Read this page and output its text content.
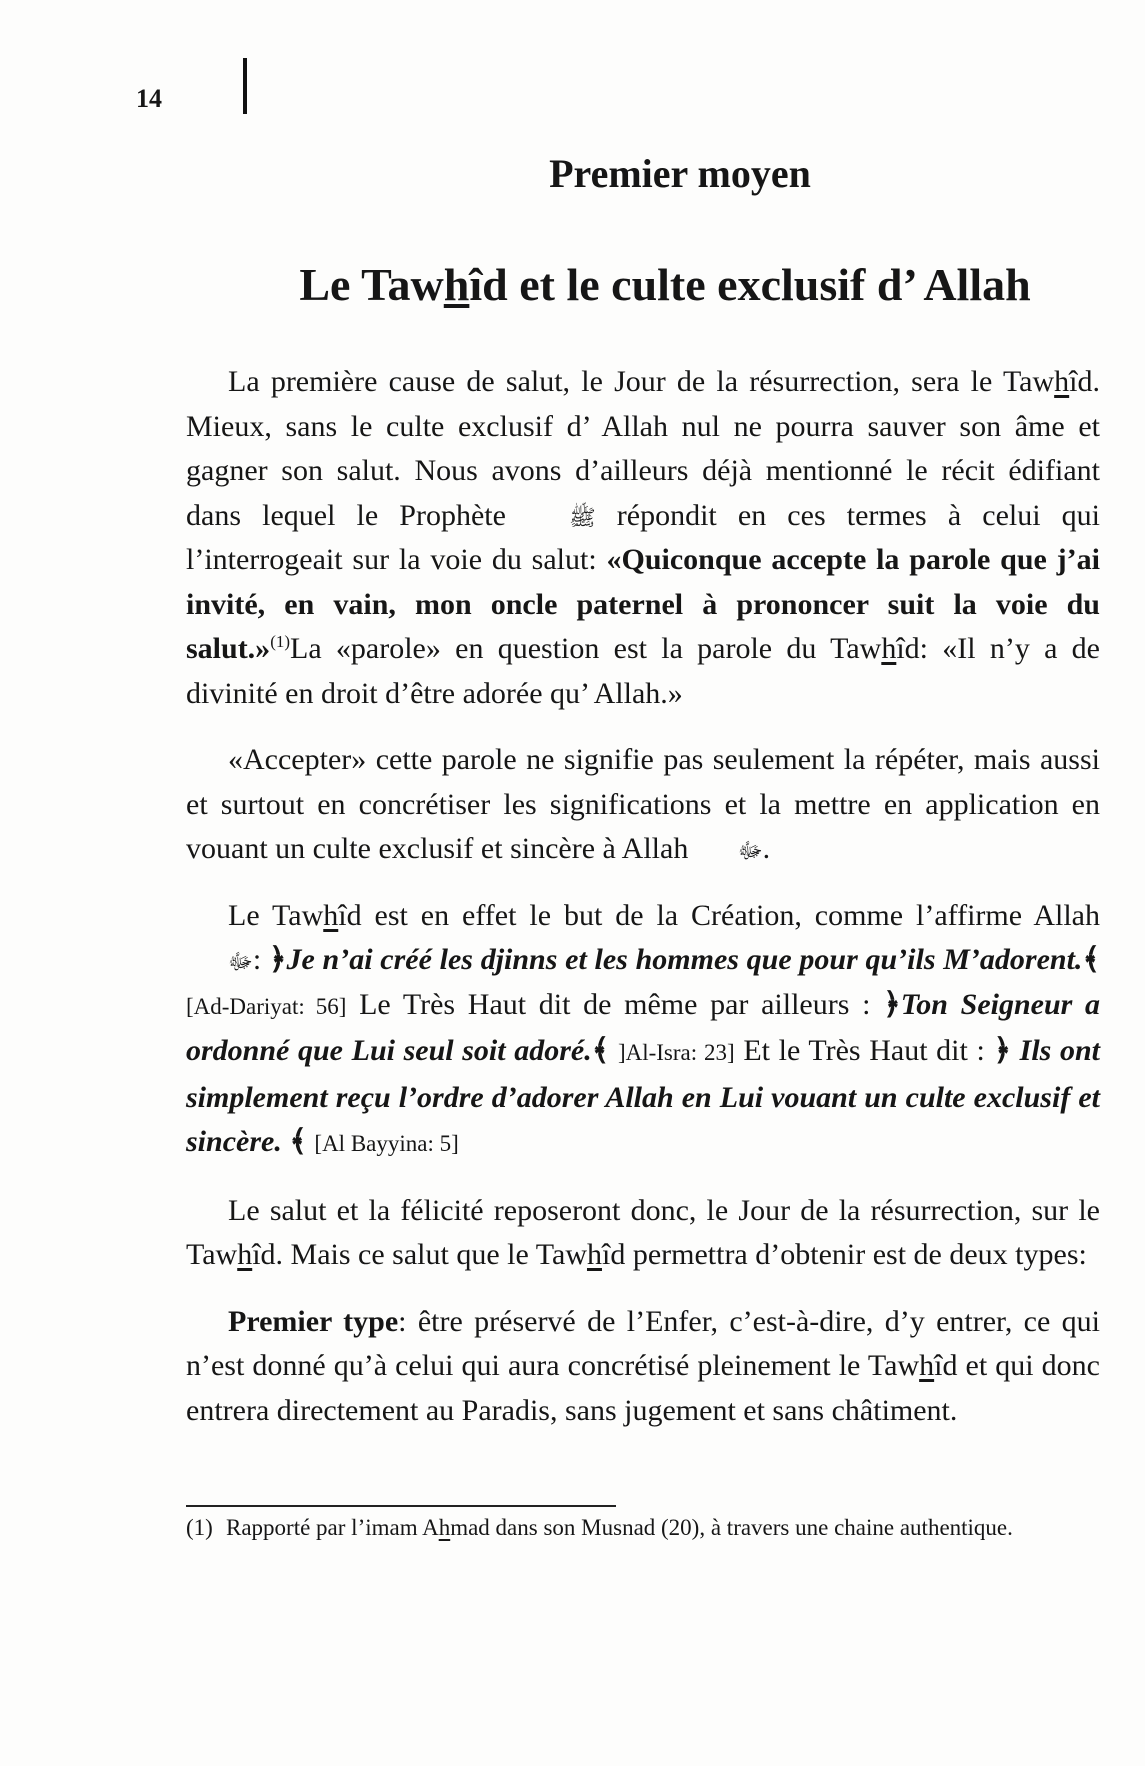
14
Premier moyen
Le Tawhîd et le culte exclusif d’ Allah

La première cause de salut, le Jour de la résurrection, sera le Tawhîd. Mieux, sans le culte exclusif d’ Allah nul ne pourra sauver son âme et gagner son salut. Nous avons d’ailleurs déjà mentionné le récit édifiant dans lequel le Prophète	ﷺ répondit en ces termes à celui qui l’interrogeait sur la voie du salut: «Quiconque accepte la parole que j’ai invité, en vain, mon oncle paternel à prononcer suit la voie du salut.»$^{(1)}$La «parole» en question est la parole du Tawhîd: «Il n’y a de divinité en droit d’être adorée qu’ Allah.»

«Accepter» cette parole ne signifie pas seulement la répéter, mais aussi et surtout en concrétiser les significations et la mettre en application en vouant un culte exclusif et sincère à Allah ﷻ.

Le Tawhîd est en effet le but de la Création, comme l’affirme Allah ﷻ: ﴿Je n’ai créé les djinns et les hommes que pour qu’ils M’adorent.﴾ [Ad-Dariyat: 56] Le Très Haut dit de même par ailleurs : ﴿Ton Seigneur a ordonné que Lui seul soit adoré.﴾ ]Al-Isra: 23] Et le Très Haut dit : ﴿ Ils ont simplement reçu l’ordre d’adorer Allah en Lui vouant un culte exclusif et sincère. ﴾ [Al Bayyina: 5]

Le salut et la félicité reposeront donc, le Jour de la résurrection, sur le Tawhîd. Mais ce salut que le Tawhîd permettra d’obtenir est de deux types:

Premier type: être préservé de l’Enfer, c’est-à-dire, d’y entrer, ce qui n’est donné qu’à celui qui aura concrétisé pleinement le Tawhîd et qui donc entrera directement au Paradis, sans jugement et sans châtiment.

(1) Rapporté par l’imam Ahmad dans son Musnad (20), à travers une chaine authentique.
